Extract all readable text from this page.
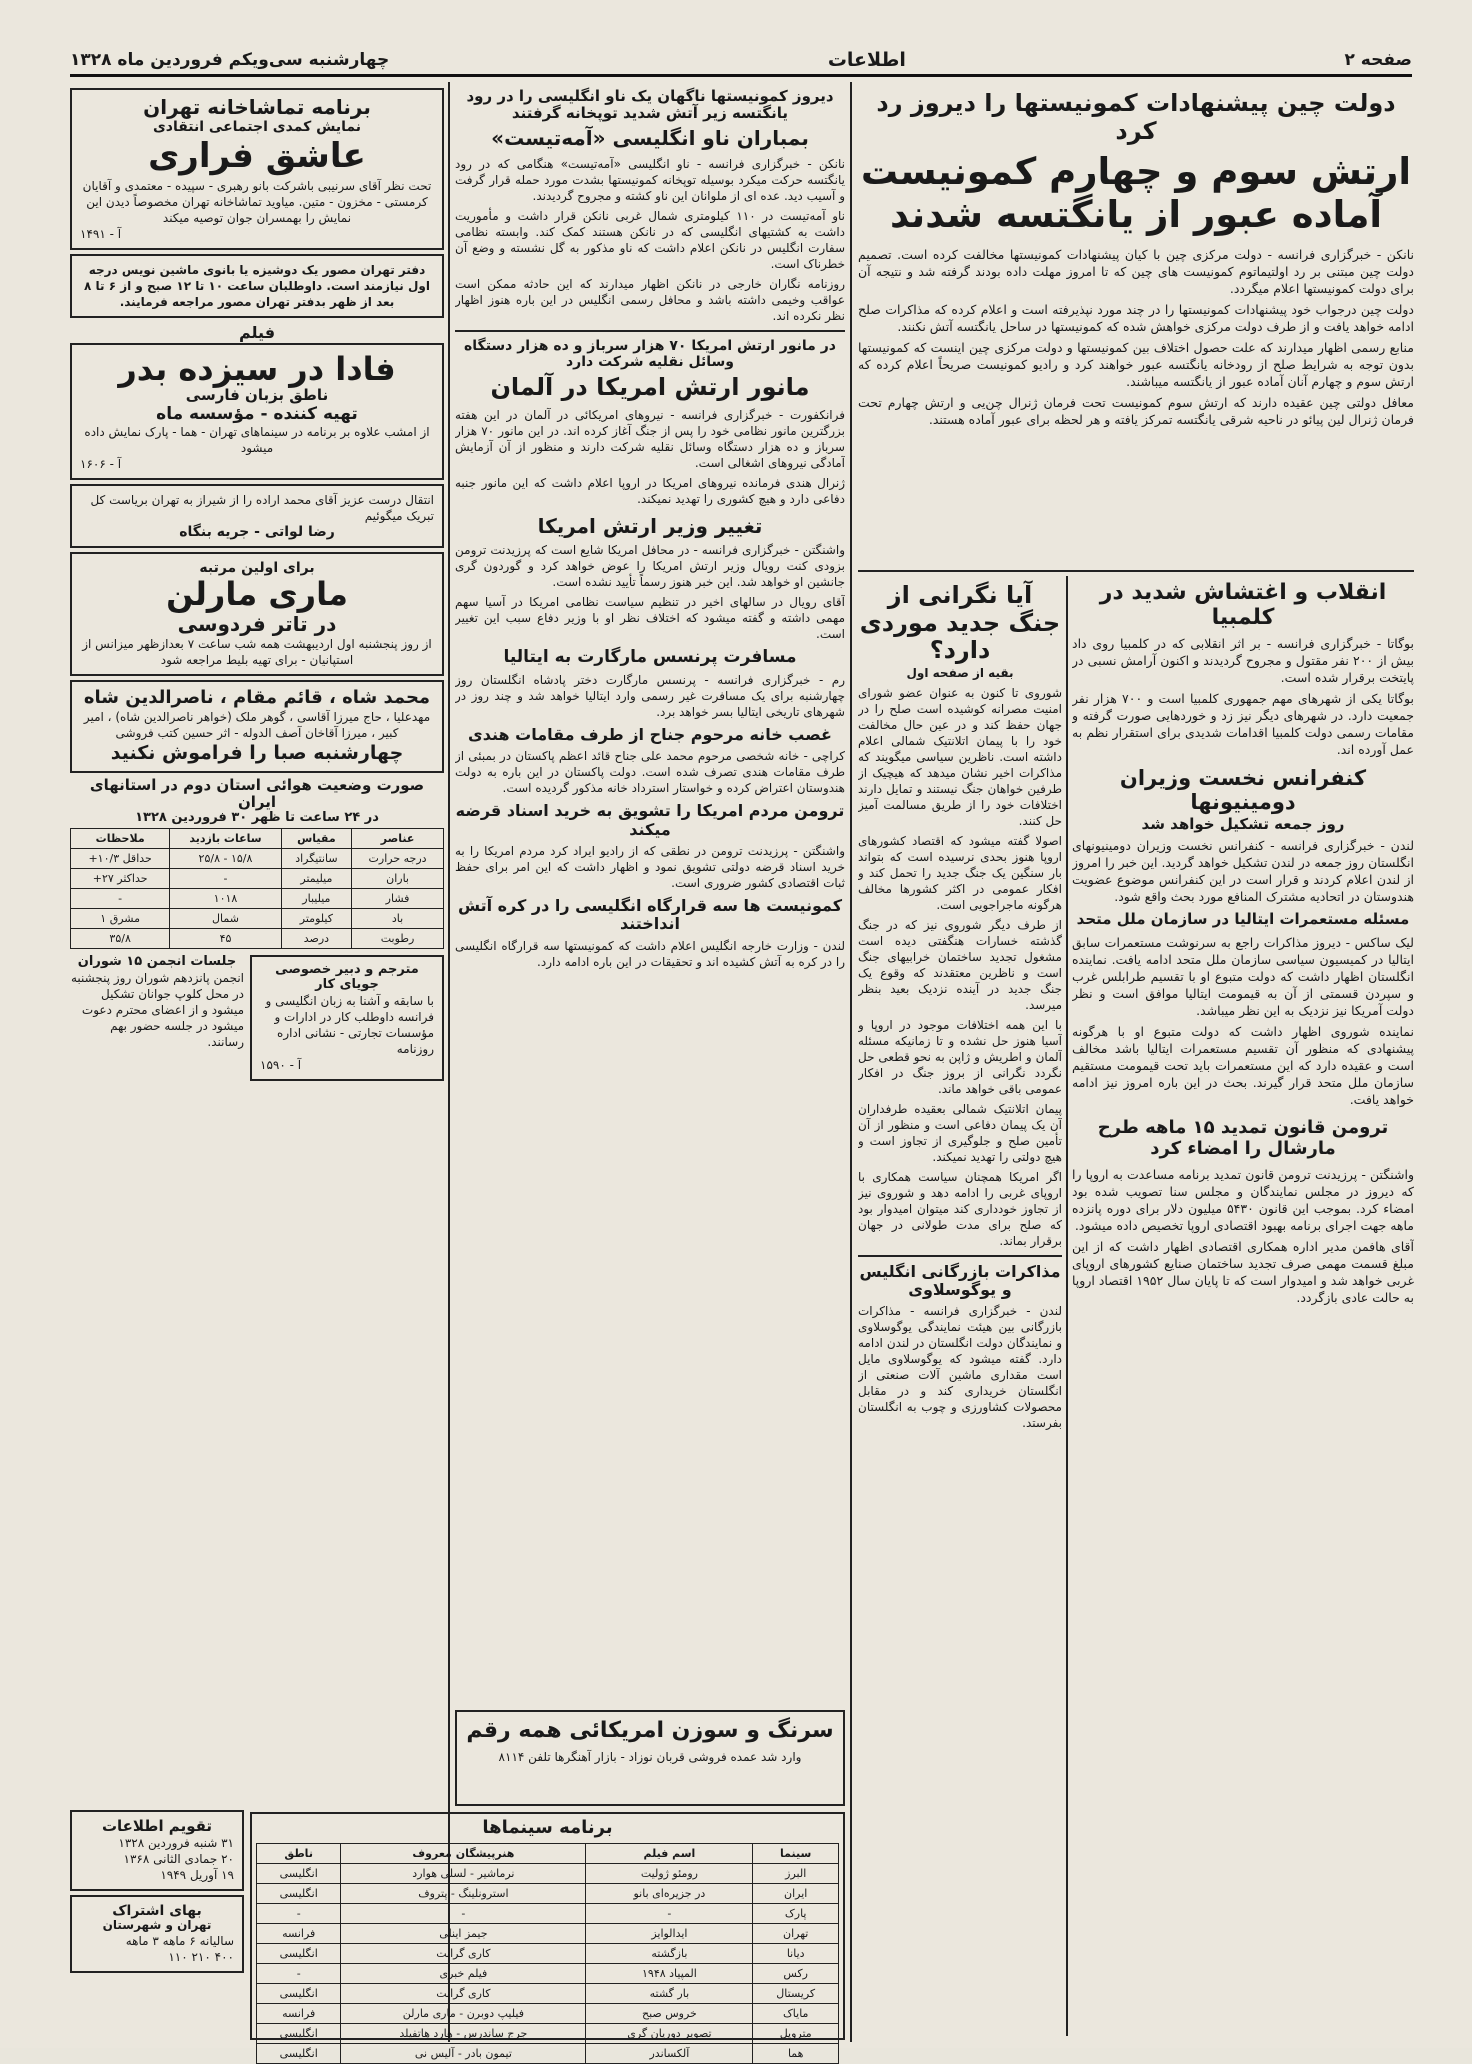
صفحه ۲
اطلاعات
چهارشنبه سی‌ویکم فروردین ماه ۱۳۲۸
دولت چین پیشنهادات کمونیستها را دیروز رد کرد
ارتش سوم و چهارم کمونیست آماده عبور از یانگتسه شدند

نانکن - خبرگزاری فرانسه - دولت مرکزی چین با کیان پیشنهادات کمونیستها مخالفت کرده است. تصمیم دولت چین مبتنی بر رد اولتیماتوم کمونیست های چین که تا امروز مهلت داده بودند گرفته شد و نتیجه آن برای دولت کمونیستها اعلام میگردد.

دولت چین درجواب خود پیشنهادات کمونیستها را در چند مورد نپذیرفته است و اعلام کرده که مذاکرات صلح ادامه خواهد یافت و از طرف دولت مرکزی خواهش شده که کمونیستها در ساحل یانگتسه آتش نکنند.

منابع رسمی اظهار میدارند که علت حصول اختلاف بین کمونیستها و دولت مرکزی چین اینست که کمونیستها بدون توجه به شرایط صلح از رودخانه یانگتسه عبور خواهند کرد و رادیو کمونیست صریحاً اعلام کرده که ارتش سوم و چهارم آنان آماده عبور از یانگتسه میباشند.

معافل دولتی چین عقیده دارند که ارتش سوم کمونیست تحت فرمان ژنرال چن‌یی و ارتش چهارم تحت فرمان ژنرال لین پیائو در ناحیه شرقی یانگتسه تمرکز یافته و هر لحظه برای عبور آماده هستند.

انقلاب و اغتشاش شدید در کلمبیا

بوگاتا - خبرگزاری فرانسه - بر اثر انقلابی که در کلمبیا روی داد بیش از ۲۰۰ نفر مقتول و مجروح گردیدند و اکنون آرامش نسبی در پایتخت برقرار شده است.

بوگاتا یکی از شهرهای مهم جمهوری کلمبیا است و ۷۰۰ هزار نفر جمعیت دارد. در شهرهای دیگر نیز زد و خوردهایی صورت گرفته و مقامات رسمی دولت کلمبیا اقدامات شدیدی برای استقرار نظم به عمل آورده اند.

کنفرانس نخست وزیران دومینیونها
روز جمعه تشکیل خواهد شد

لندن - خبرگزاری فرانسه - کنفرانس نخست وزیران دومینیونهای انگلستان روز جمعه در لندن تشکیل خواهد گردید. این خبر را امروز از لندن اعلام کردند و قرار است در این کنفرانس موضوع عضویت هندوستان در اتحادیه مشترک المنافع مورد بحث واقع شود.

مسئله مستعمرات ایتالیا در سازمان ملل متحد

لیک ساکس - دیروز مذاکرات راجع به سرنوشت مستعمرات سابق ایتالیا در کمیسیون سیاسی سازمان ملل متحد ادامه یافت. نماینده انگلستان اظهار داشت که دولت متبوع او با تقسیم طرابلس غرب و سپردن قسمتی از آن به قیمومت ایتالیا موافق است و نظر دولت آمریکا نیز نزدیک به این نظر میباشد.

نماینده شوروی اظهار داشت که دولت متبوع او با هرگونه پیشنهادی که منظور آن تقسیم مستعمرات ایتالیا باشد مخالف است و عقیده دارد که این مستعمرات باید تحت قیمومت مستقیم سازمان ملل متحد قرار گیرند. بحث در این باره امروز نیز ادامه خواهد یافت.

ترومن قانون تمدید ۱۵ ماهه طرح مارشال را امضاء کرد

واشنگتن - پرزیدنت ترومن قانون تمدید برنامه مساعدت به اروپا را که دیروز در مجلس نمایندگان و مجلس سنا تصویب شده بود امضاء کرد. بموجب این قانون ۵۴۳۰ میلیون دلار برای دوره پانزده ماهه جهت اجرای برنامه بهبود اقتصادی اروپا تخصیص داده میشود.

آقای هافمن مدیر اداره همکاری اقتصادی اظهار داشت که از این مبلغ قسمت مهمی صرف تجدید ساختمان صنایع کشورهای اروپای غربی خواهد شد و امیدوار است که تا پایان سال ۱۹۵۲ اقتصاد اروپا به حالت عادی بازگردد.

آیا نگرانی از جنگ جدید موردی دارد؟
بقیه از صفحه اول

شوروی تا کنون به عنوان عضو شورای امنیت مصرانه کوشیده است صلح را در جهان حفظ کند و در عین حال مخالفت خود را با پیمان اتلانتیک شمالی اعلام داشته است. ناظرین سیاسی میگویند که مذاکرات اخیر نشان میدهد که هیچیک از طرفین خواهان جنگ نیستند و تمایل دارند اختلافات خود را از طریق مسالمت آمیز حل کنند.

اصولا گفته میشود که اقتصاد کشورهای اروپا هنوز بحدی نرسیده است که بتواند بار سنگین یک جنگ جدید را تحمل کند و افکار عمومی در اکثر کشورها مخالف هرگونه ماجراجویی است.

از طرف دیگر شوروی نیز که در جنگ گذشته خسارات هنگفتی دیده است مشغول تجدید ساختمان خرابیهای جنگ است و ناظرین معتقدند که وقوع یک جنگ جدید در آینده نزدیک بعید بنظر میرسد.

با این همه اختلافات موجود در اروپا و آسیا هنوز حل نشده و تا زمانیکه مسئله آلمان و اطریش و ژاپن به نحو قطعی حل نگردد نگرانی از بروز جنگ در افکار عمومی باقی خواهد ماند.

پیمان اتلانتیک شمالی بعقیده طرفداران آن یک پیمان دفاعی است و منظور از آن تأمین صلح و جلوگیری از تجاوز است و هیچ دولتی را تهدید نمیکند.

اگر امریکا همچنان سیاست همکاری با اروپای غربی را ادامه دهد و شوروی نیز از تجاوز خودداری کند میتوان امیدوار بود که صلح برای مدت طولانی در جهان برقرار بماند.

مذاکرات بازرگانی انگلیس و یوگوسلاوی

لندن - خبرگزاری فرانسه - مذاکرات بازرگانی بین هیئت نمایندگی یوگوسلاوی و نمایندگان دولت انگلستان در لندن ادامه دارد. گفته میشود که یوگوسلاوی مایل است مقداری ماشین آلات صنعتی از انگلستان خریداری کند و در مقابل محصولات کشاورزی و چوب به انگلستان بفرستد.

دیروز کمونیستها ناگهان یک ناو انگلیسی را در رود یانگتسه زیر آتش شدید توپخانه گرفتند
بمباران ناو انگلیسی «آمه‌تیست»

نانکن - خبرگزاری فرانسه - ناو انگلیسی «آمه‌تیست» هنگامی که در رود یانگتسه حرکت میکرد بوسیله توپخانه کمونیستها بشدت مورد حمله قرار گرفت و آسیب دید. عده ای از ملوانان این ناو کشته و مجروح گردیدند.

ناو آمه‌تیست در ۱۱۰ کیلومتری شمال غربی نانکن قرار داشت و مأموریت داشت به کشتیهای انگلیسی که در نانکن هستند کمک کند. وابسته نظامی سفارت انگلیس در نانکن اعلام داشت که ناو مذکور به گل نشسته و وضع آن خطرناک است.

روزنامه نگاران خارجی در نانکن اظهار میدارند که این حادثه ممکن است عواقب وخیمی داشته باشد و محافل رسمی انگلیس در این باره هنوز اظهار نظر نکرده اند.

در مانور ارتش امریکا ۷۰ هزار سرباز و ده هزار دستگاه وسائل نقلیه شرکت دارد
مانور ارتش امریکا در آلمان

فرانکفورت - خبرگزاری فرانسه - نیروهای امریکائی در آلمان در این هفته بزرگترین مانور نظامی خود را پس از جنگ آغاز کرده اند. در این مانور ۷۰ هزار سرباز و ده هزار دستگاه وسائل نقلیه شرکت دارند و منظور از آن آزمایش آمادگی نیروهای اشغالی است.

ژنرال هندی فرمانده نیروهای امریکا در اروپا اعلام داشت که این مانور جنبه دفاعی دارد و هیچ کشوری را تهدید نمیکند.

تغییر وزیر ارتش امریکا

واشنگتن - خبرگزاری فرانسه - در محافل امریکا شایع است که پرزیدنت ترومن بزودی کنت رویال وزیر ارتش امریکا را عوض خواهد کرد و گوردون گری جانشین او خواهد شد. این خبر هنوز رسماً تأیید نشده است.

آقای رویال در سالهای اخیر در تنظیم سیاست نظامی امریکا در آسیا سهم مهمی داشته و گفته میشود که اختلاف نظر او با وزیر دفاع سبب این تغییر است.

مسافرت پرنسس مارگارت به ایتالیا

رم - خبرگزاری فرانسه - پرنسس مارگارت دختر پادشاه انگلستان روز چهارشنبه برای یک مسافرت غیر رسمی وارد ایتالیا خواهد شد و چند روز در شهرهای تاریخی ایتالیا بسر خواهد برد.

غصب خانه مرحوم جناح از طرف مقامات هندی

کراچی - خانه شخصی مرحوم محمد علی جناح قائد اعظم پاکستان در بمبئی از طرف مقامات هندی تصرف شده است. دولت پاکستان در این باره به دولت هندوستان اعتراض کرده و خواستار استرداد خانه مذکور گردیده است.

ترومن مردم امریکا را تشویق به خرید اسناد قرضه میکند

واشنگتن - پرزیدنت ترومن در نطقی که از رادیو ایراد کرد مردم امریکا را به خرید اسناد قرضه دولتی تشویق نمود و اظهار داشت که این امر برای حفظ ثبات اقتصادی کشور ضروری است.

کمونیست ها سه قرارگاه انگلیسی را در کره آتش انداختند

لندن - وزارت خارجه انگلیس اعلام داشت که کمونیستها سه قرارگاه انگلیسی را در کره به آتش کشیده اند و تحقیقات در این باره ادامه دارد.

سرنگ و سوزن امریکائی همه رقم
وارد شد عمده فروشی قربان نوزاد - بازار آهنگرها تلفن ۸۱۱۴
برنامه سینماها
سینما	اسم فیلم	هنرپیشگان معروف	ناطق
البرز	رومئو ژولیت	نرماشیر - لسلی هوارد	انگلیسی
ایران	در جزیره‌ای بانو	استرونلینگ - پتروف	انگلیسی
پارک	-	-	-
تهران	ایدالوایز	جیمز اینلی	فرانسه
دیانا	بازگشته	کاری گرانت	انگلیسی
رکس	المپیاد ۱۹۴۸	فیلم خبری	-
کریستال	بار گشته	کاری گرانت	انگلیسی
مایاک	خروس صبح	فیلیپ دوبرن - ماری مارلن	فرانسه
متروپل	تصویر دوریان گری	جرج ساندرس - هارد هاتفیلد	انگلیسی
هما	آلکساندر	تیمون بادر - آلیس نی	انگلیسی
برنامه تماشاخانه تهران
نمایش کمدی اجتماعی انتقادی
عاشق فراری
تحت نظر آقای سرنیبی باشرکت بانو رهبری - سپیده - معتمدی و آقایان کرمستی - مخزون - متین. میاوید تماشاخانه تهران مخصوصاً دیدن این نمایش را بهمسران جوان توصیه میکند
آ - ۱۴۹۱
دفتر تهران مصور یک دوشیزه یا بانوی ماشین نویس درجه اول نیازمند است. داوطلبان ساعت ۱۰ تا ۱۲ صبح و از ۶ تا ۸ بعد از ظهر بدفتر تهران مصور مراجعه فرمایند.
فیلم
فادا در سیزده بدر
ناطق بزبان فارسی
تهیه کننده - مؤسسه ماه
از امشب علاوه بر برنامه در سینماهای تهران - هما - پارک نمایش داده میشود
آ - ۱۶۰۶
انتقال درست عزیز آقای محمد اراده را از شیراز به تهران بریاست کل تبریک میگوئیم
رضا لواتی - جریه بنگاه
برای اولین مرتبه
ماری مارلن
در تاتر فردوسی
از روز پنجشنبه اول اردیبهشت همه شب ساعت ۷ بعدازظهر میزانس از استپانیان - برای تهیه بلیط مراجعه شود
محمد شاه ، قائم مقام ، ناصرالدین شاه
مهدعلیا ، حاج میرزا آقاسی ، گوهر ملک (خواهر ناصرالدین شاه) ، امیر کبیر ، میرزا آقاخان آصف الدوله - اثر حسین کتب فروشی
چهارشنبه صبا را فراموش نکنید
صورت وضعیت هوائی استان دوم در استانهای ایران
در ۲۴ ساعت تا ظهر ۳۰ فروردین ۱۳۲۸
عناصر	مقیاس	ساعات بازدید	ملاحظات
درجه حرارت	سانتیگراد	۱۵/۸ - ۲۵/۸	حداقل ۱۰/۳+
باران	میلیمتر	-	حداکثر ۲۷+
فشار	میلیبار	۱۰۱۸	-
باد	کیلومتر	شمال	مشرق ۱
رطوبت	درصد	۴۵	۳۵/۸
مترجم و دبیر خصوصی جویای کار
با سابقه و آشنا به زبان انگلیسی و فرانسه داوطلب کار در ادارات و مؤسسات تجارتی - نشانی اداره روزنامه
آ - ۱۵۹۰
جلسات انجمن ۱۵ شوران
انجمن پانزدهم شوران روز پنجشنبه در محل کلوپ جوانان تشکیل میشود و از اعضای محترم دعوت میشود در جلسه حضور بهم رسانند.
تقویم اطلاعات
۳۱ شنبه فروردین ۱۳۲۸
۲۰ جمادی الثانی ۱۳۶۸
۱۹ آوریل ۱۹۴۹
بهای اشتراک
تهران و شهرستان
سالیانه ۶ ماهه ۳ ماهه
۴۰۰ ۲۱۰ ۱۱۰
